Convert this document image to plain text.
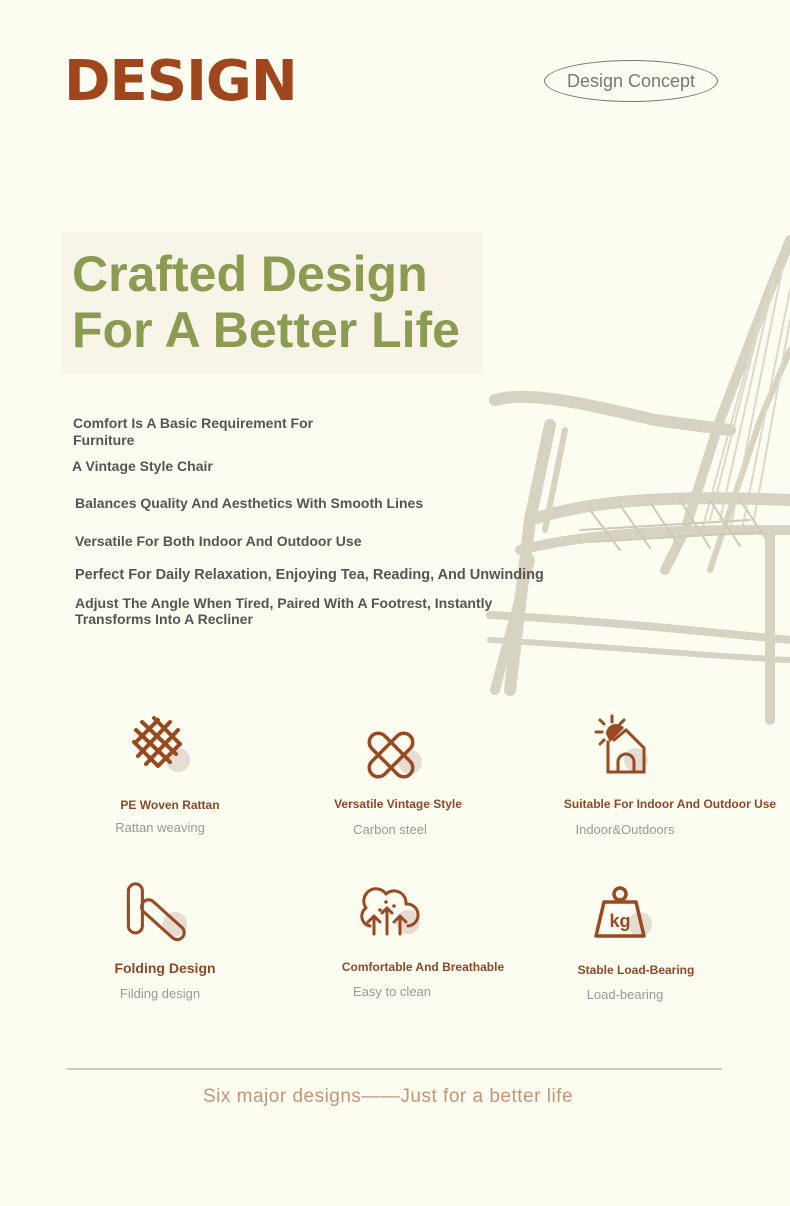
DESIGN	Design Concept
Crafted Design
For A Better Life
Comfort Is A Basic Requirement For
Furniture
A Vintage Style Chair
Balances Quality And Aesthetics With Smooth Lines
Versatile For Both Indoor And Outdoor Use
Perfect For Daily Relaxation, Enjoying Tea, Reading, And Unwinding
Adjust The Angle When Tired, Paired With A Footrest, Instantly
Transforms Into A Recliner
PE Woven Rattan
Rattan weaving
Versatile Vintage Style
Carbon steel
Suitable For Indoor And Outdoor Use
Indoor&Outdoors
Folding Design
Filding design
Comfortable And Breathable
Easy to clean
kg
Stable Load-Bearing
Load-bearing
Six major designs——Just for a better life
